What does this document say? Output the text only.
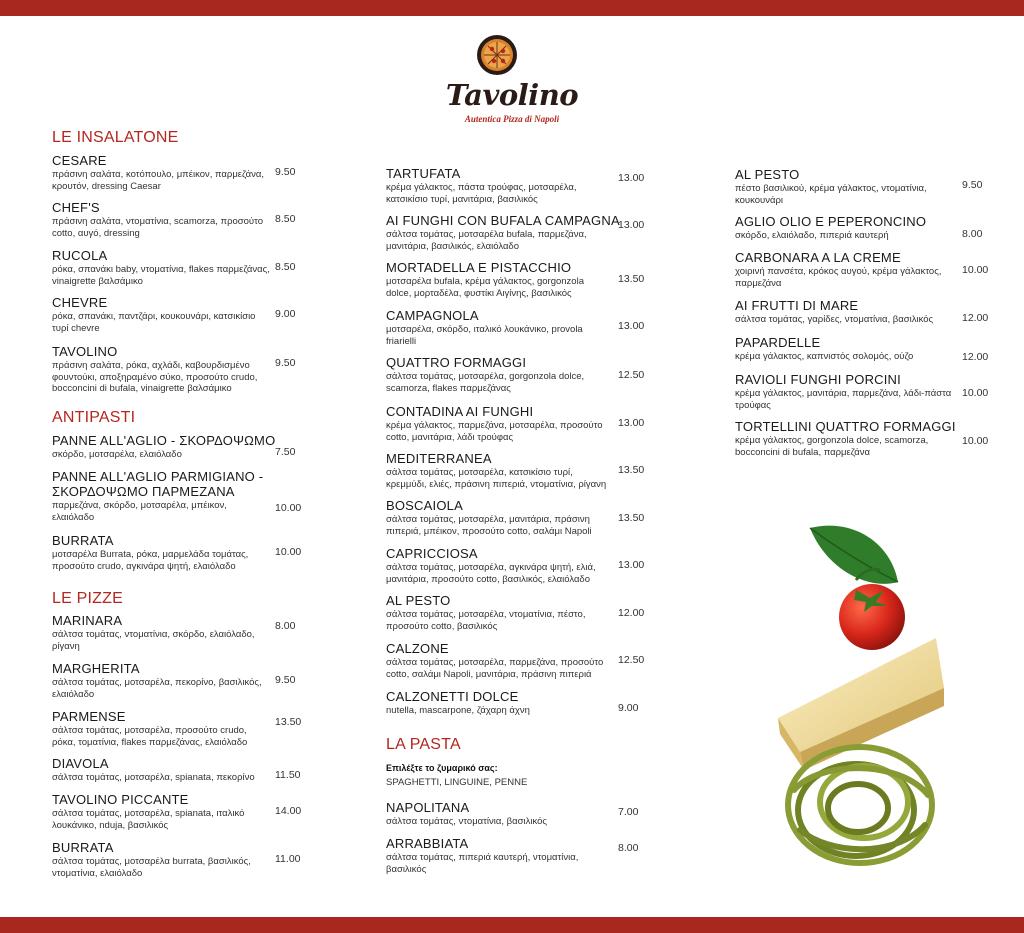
Tavolino
Autentica Pizza di Napoli
LE INSALATONE
CESARE
πράσινη σαλάτα, κοτόπουλο, μπέικον, παρμεζάνα, κρουτόν, dressing Caesar
9.50
CHEF'S
πράσινη σαλάτα, ντοματίνια, scamorza, προσούτο cotto, αυγό, dressing
8.50
RUCOLA
ρόκα, σπανάκι baby, ντοματίνια, flakes παρμεζάνας, vinaigrette βαλσάμικο
8.50
CHEVRE
ρόκα, σπανάκι, παντζάρι, κουκουνάρι, κατσικίσιο τυρί chevre
9.00
TAVOLINO
πράσινη σαλάτα, ρόκα, αχλάδι, καβουρδισμένο φουντούκι, αποξηραμένο σύκο, προσούτο crudo, bocconcini di bufala, vinaigrette βαλσάμικο
9.50
ANTIPASTI
PANNE ALL'AGLIO - ΣΚΟΡΔΟΨΩΜΟ
σκόρδο, μοτσαρέλα, ελαιόλαδο	7.50
PANNE ALL'AGLIO PARMIGIANO - ΣΚΟΡΔΟΨΩΜΟ ΠΑΡΜΕΖΑΝΑ
παρμεζάνα, σκόρδο, μοτσαρέλα, μπέικον, ελαιόλαδο
10.00
BURRATA
μοτσαρέλα Burrata, ρόκα, μαρμελάδα τομάτας, προσούτο crudo, αγκινάρα ψητή, ελαιόλαδο
10.00
LE PIZZE
MARINARA
σάλτσα τομάτας, ντοματίνια, σκόρδο, ελαιόλαδο, ρίγανη
8.00
MARGHERITA
σάλτσα τομάτας, μοτσαρέλα, πεκορίνο, βασιλικός, ελαιόλαδο
9.50
PARMENSE
σάλτσα τομάτας, μοτσαρέλα, προσούτο crudo, ρόκα, τοματίνια, flakes παρμεζάνας, ελαιόλαδο
13.50
DIAVOLA
σάλτσα τομάτας, μοτσαρέλα, spianata, πεκορίνο	11.50
TAVOLINO PICCANTE
σάλτσα τομάτας, μοτσαρέλα, spianata, ιταλικό λουκάνικο, nduja, βασιλικός
14.00
BURRATA
σάλτσα τομάτας, μοτσαρέλα burrata, βασιλικός, ντοματίνια, ελαιόλαδο
11.00
TARTUFATA
κρέμα γάλακτος, πάστα τρούφας, μοτσαρέλα, κατσικίσιο τυρί, μανιτάρια, βασιλικός
13.00
AI FUNGHI CON BUFALA CAMPAGNA
σάλτσα τομάτας, μοτσαρέλα bufala, παρμεζάνα, μανιτάρια, βασιλικός, ελαιόλαδο
13.00
MORTADELLA E PISTACCHIO
μοτσαρέλα bufala, κρέμα γάλακτος, gorgonzola dolce, μορταδέλα, φυστίκι Αιγίνης, βασιλικός
13.50
CAMPAGNOLA
μοτσαρέλα, σκόρδο, ιταλικό λουκάνικο, provola friarielli
13.00
QUATTRO FORMAGGI
σάλτσα τομάτας, μοτσαρέλα, gorgonzola dolce, scamorza, flakes παρμεζάνας
12.50
CONTADINA AI FUNGHI
κρέμα γάλακτος, παρμεζάνα, μοτσαρέλα, προσούτο cotto, μανιτάρια, λάδι τρούφας
13.00
MEDITERRANEA
σάλτσα τομάτας, μοτσαρέλα, κατσικίσιο τυρί, κρεμμύδι, ελιές, πράσινη πιπεριά, ντοματίνια, ρίγανη
13.50
BOSCAIOLA
σάλτσα τομάτας, μοτσαρέλα, μανιτάρια, πράσινη πιπεριά, μπέικον, προσούτο cotto, σαλάμι Napoli
13.50
CAPRICCIOSA
σάλτσα τομάτας, μοτσαρέλα, αγκινάρα ψητή, ελιά, μανιτάρια, προσούτο cotto, βασιλικός, ελαιόλαδο
13.00
AL PESTO
σάλτσα τομάτας, μοτσαρέλα, ντοματίνια, πέστο, προσούτο cotto, βασιλικός
12.00
CALZONE
σάλτσα τομάτας, μοτσαρέλα, παρμεζάνα, προσούτο cotto, σαλάμι Napoli, μανιτάρια, πράσινη πιπεριά
12.50
CALZONETTI DOLCE
nutella, mascarpone, ζάχαρη άχνη	9.00
LA PASTA
Επιλέξτε το ζυμαρικό σας:
SPAGHETTI, LINGUINE, PENNE
NAPOLITANA
σάλτσα τομάτας, ντοματίνια, βασιλικός
7.00
ARRABBIATA
σάλτσα τομάτας, πιπεριά καυτερή, ντοματίνια, βασιλικός
8.00
AL PESTO
πέστο βασιλικού, κρέμα γάλακτος, ντοματίνια, κουκουνάρι
9.50
AGLIO OLIO E PEPERONCINO
σκόρδο, ελαιόλαδο, πιπεριά καυτερή	8.00
CARBONARA A LA CREME
χοιρινή πανσέτα, κρόκος αυγού, κρέμα γάλακτος, παρμεζάνα
10.00
AI FRUTTI DI MARE
σάλτσα τομάτας, γαρίδες, ντοματίνια, βασιλικός	12.00
PAPARDELLE
κρέμα γάλακτος, καπνιστός σολομός, ούζο	12.00
RAVIOLI FUNGHI PORCINI
κρέμα γάλακτος, μανιτάρια, παρμεζάνα, λάδι-πάστα τρούφας
10.00
TORTELLINI QUATTRO FORMAGGI
κρέμα γάλακτος, gorgonzola dolce, scamorza, bocconcini di bufala, παρμεζάνα
10.00
